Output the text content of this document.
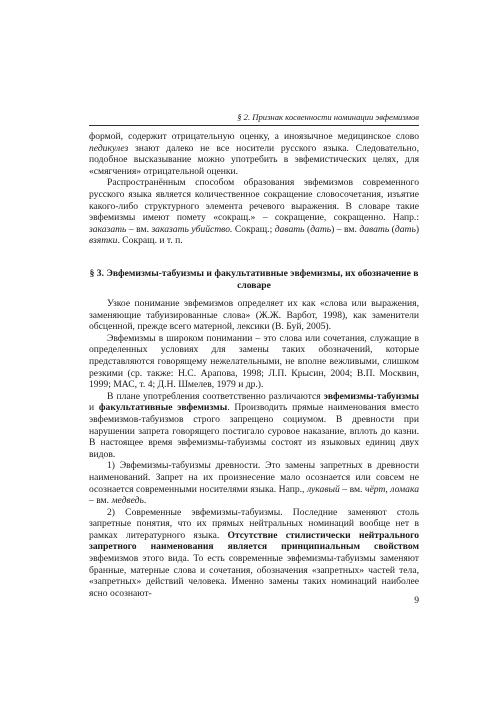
§ 2. Признак косвенности номинации эвфемизмов

формой, содержит отрицательную оценку, а иноязычное медицинское слово педикулез знают далеко не все носители русского языка. Следовательно, подобное высказывание можно употребить в эвфемистических целях, для «смягчения» отрицательной оценки.

Распространённым способом образования эвфемизмов современного русского языка является количественное сокращение словосочетания, изъятие какого-либо структурного элемента речевого выражения. В словаре такие эвфемизмы имеют помету «сокращ.» – сокращение, сокращенно. Напр.: заказать – вм. заказать убийство. Сокращ.; давать (дать) – вм. давать (дать) взятки. Сокращ. и т. п.

§ 3. Эвфемизмы-табуизмы и факультативные эвфемизмы, их обозначение в словаре

Узкое понимание эвфемизмов определяет их как «слова или выражения, заменяющие табуизированные слова» (Ж.Ж. Варбот, 1998), как заменители обсценной, прежде всего матерной, лексики (В. Буй, 2005).

Эвфемизмы в широком понимании – это слова или сочетания, служащие в определенных условиях для замены таких обозначений, которые представляются говорящему нежелательными, не вполне вежливыми, слишком резкими (ср. также: Н.С. Арапова, 1998; Л.П. Крысин, 2004; В.П. Москвин, 1999; МАС, т. 4; Д.Н. Шмелев, 1979 и др.).

В плане употребления соответственно различаются эвфемизмы-табуизмы и факультативные эвфемизмы. Производить прямые наименования вместо эвфемизмов-табуизмов строго запрещено социумом. В древности при нарушении запрета говорящего постигало суровое наказание, вплоть до казни. В настоящее время эвфемизмы-табуизмы состоят из языковых единиц двух видов.

1) Эвфемизмы-табуизмы древности. Это замены запретных в древности наименований. Запрет на их произнесение мало осознается или совсем не осознается современными носителями языка. Напр., лукавый – вм. чёрт, ломака – вм. медведь.

2) Современные эвфемизмы-табуизмы. Последние заменяют столь запретные понятия, что их прямых нейтральных номинаций вообще нет в рамках литературного языка. Отсутствие стилистически нейтрального запретного наименования является принципиальным свойством эвфемизмов этого вида. То есть современные эвфемизмы-табуизмы заменяют бранные, матерные слова и сочетания, обозначения «запретных» частей тела, «запретных» действий человека. Именно замены таких номинаций наиболее ясно осознают-

9
